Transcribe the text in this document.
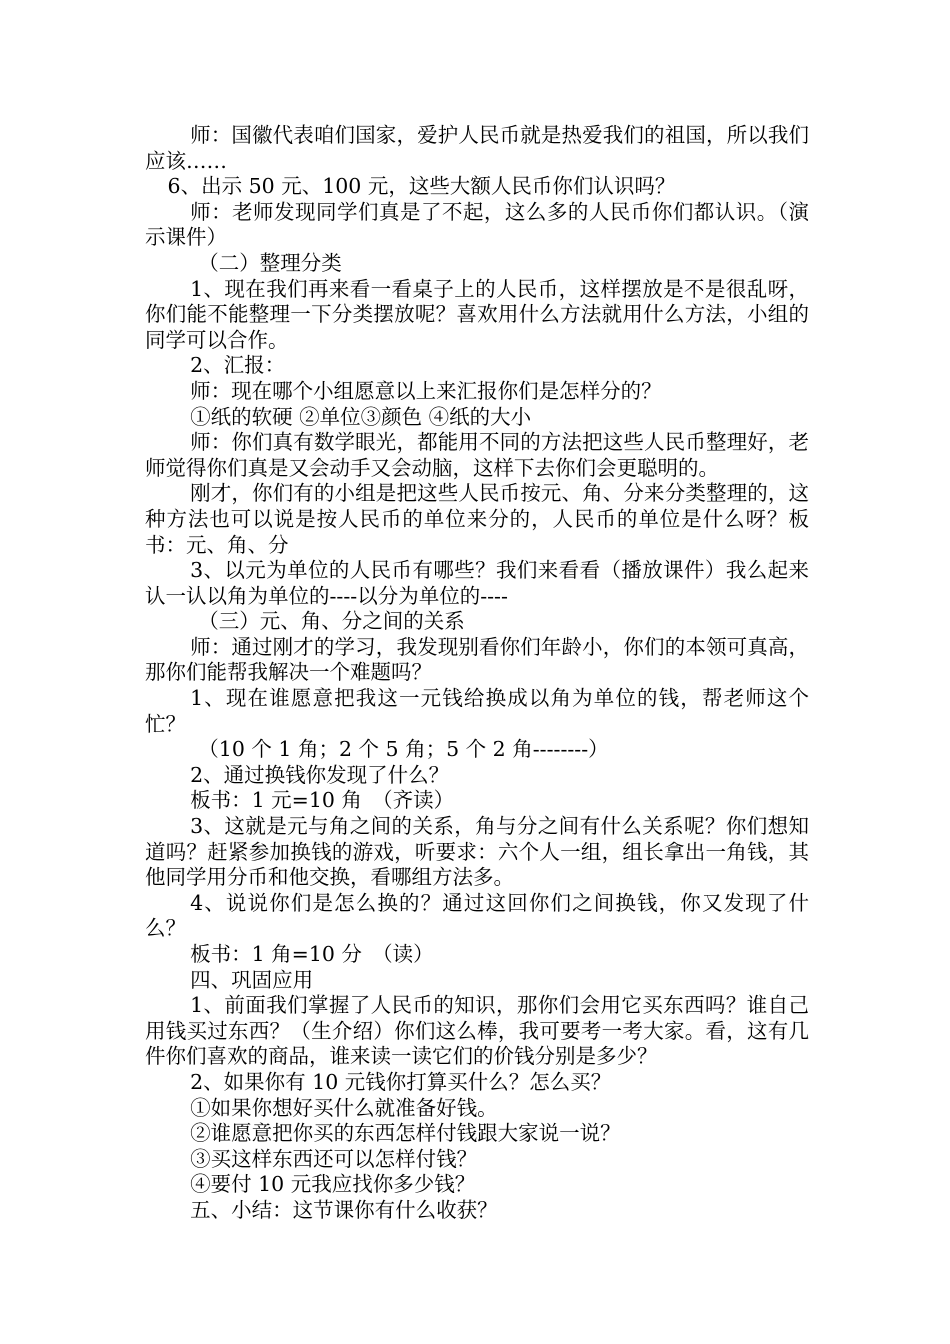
师：国徽代表咱们国家，爱护人民币就是热爱我们的祖国，所以我们应该……

6、出示 50 元、100 元，这些大额人民币你们认识吗？

师：老师发现同学们真是了不起，这么多的人民币你们都认识。（演示课件）

（二）整理分类

1、现在我们再来看一看桌子上的人民币，这样摆放是不是很乱呀，你们能不能整理一下分类摆放呢？喜欢用什么方法就用什么方法，小组的同学可以合作。

2、汇报：

师：现在哪个小组愿意以上来汇报你们是怎样分的？

①纸的软硬 ②单位③颜色 ④纸的大小

师：你们真有数学眼光，都能用不同的方法把这些人民币整理好，老师觉得你们真是又会动手又会动脑，这样下去你们会更聪明的。

刚才，你们有的小组是把这些人民币按元、角、分来分类整理的，这种方法也可以说是按人民币的单位来分的，人民币的单位是什么呀？板书：元、角、分

3、以元为单位的人民币有哪些？我们来看看（播放课件）我么起来认一认以角为单位的----以分为单位的----

（三）元、角、分之间的关系

师：通过刚才的学习，我发现别看你们年龄小，你们的本领可真高，那你们能帮我解决一个难题吗？

1、现在谁愿意把我这一元钱给换成以角为单位的钱，帮老师这个忙？

（10 个 1 角；2 个 5 角；5 个 2 角--------）

2、通过换钱你发现了什么？

板书：1 元=10 角　（齐读）

3、这就是元与角之间的关系，角与分之间有什么关系呢？你们想知道吗？赶紧参加换钱的游戏，听要求：六个人一组，组长拿出一角钱，其他同学用分币和他交换，看哪组方法多。

4、说说你们是怎么换的？通过这回你们之间换钱，你又发现了什么？

板书：1 角=10 分　（读）

四、巩固应用

1、前面我们掌握了人民币的知识，那你们会用它买东西吗？谁自己用钱买过东西？（生介绍）你们这么棒，我可要考一考大家。看，这有几件你们喜欢的商品，谁来读一读它们的价钱分别是多少？

2、如果你有 10 元钱你打算买什么？怎么买？

①如果你想好买什么就准备好钱。

②谁愿意把你买的东西怎样付钱跟大家说一说？

③买这样东西还可以怎样付钱？

④要付 10 元我应找你多少钱？

五、小结：这节课你有什么收获？
